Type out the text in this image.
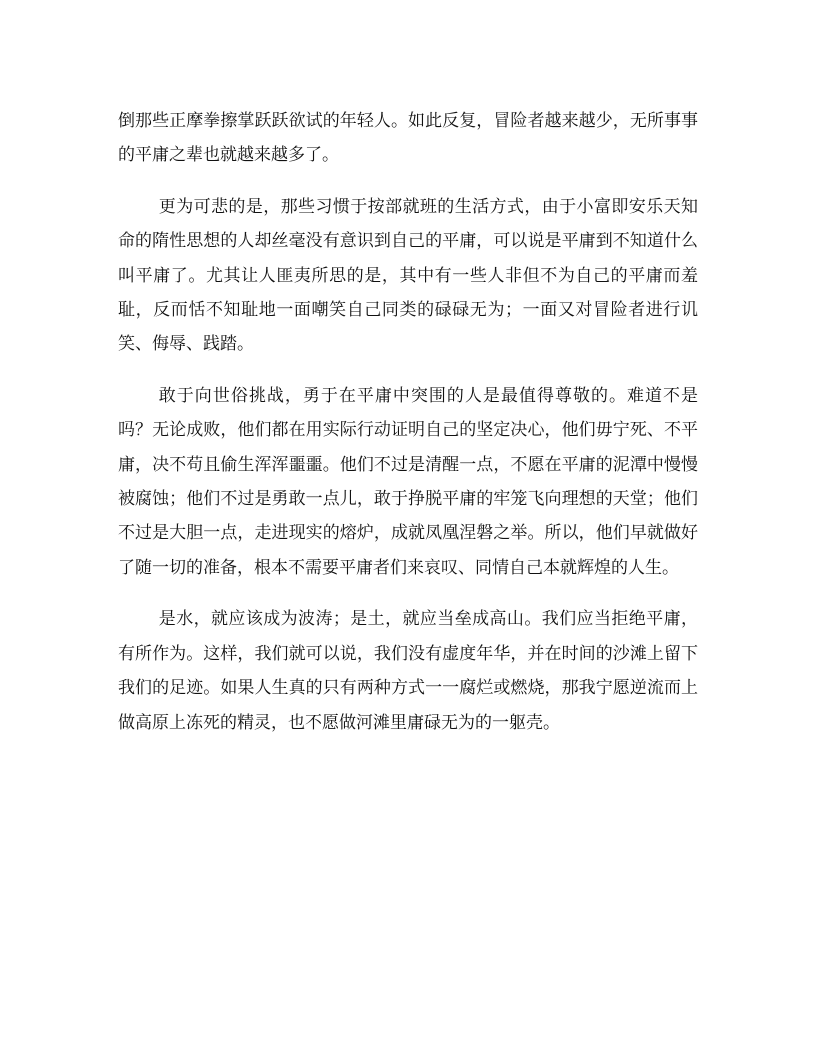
倒那些正摩拳擦掌跃跃欲试的年轻人。如此反复，冒险者越来越少，无所事事的平庸之辈也就越来越多了。

更为可悲的是，那些习惯于按部就班的生活方式，由于小富即安乐天知命的隋性思想的人却丝毫没有意识到自己的平庸，可以说是平庸到不知道什么叫平庸了。尤其让人匪夷所思的是，其中有一些人非但不为自己的平庸而羞耻，反而恬不知耻地一面嘲笑自己同类的碌碌无为；一面又对冒险者进行讥笑、侮辱、践踏。

敢于向世俗挑战，勇于在平庸中突围的人是最值得尊敬的。难道不是吗？无论成败，他们都在用实际行动证明自己的坚定决心，他们毋宁死、不平庸，决不苟且偷生浑浑噩噩。他们不过是清醒一点，不愿在平庸的泥潭中慢慢被腐蚀；他们不过是勇敢一点儿，敢于挣脱平庸的牢笼飞向理想的天堂；他们不过是大胆一点，走进现实的熔炉，成就凤凰涅磐之举。所以，他们早就做好了随一切的准备，根本不需要平庸者们来哀叹、同情自己本就辉煌的人生。

是水，就应该成为波涛；是土，就应当垒成高山。我们应当拒绝平庸，有所作为。这样，我们就可以说，我们没有虚度年华，并在时间的沙滩上留下我们的足迹。如果人生真的只有两种方式一一腐烂或燃烧，那我宁愿逆流而上做高原上冻死的精灵，也不愿做河滩里庸碌无为的一躯壳。
